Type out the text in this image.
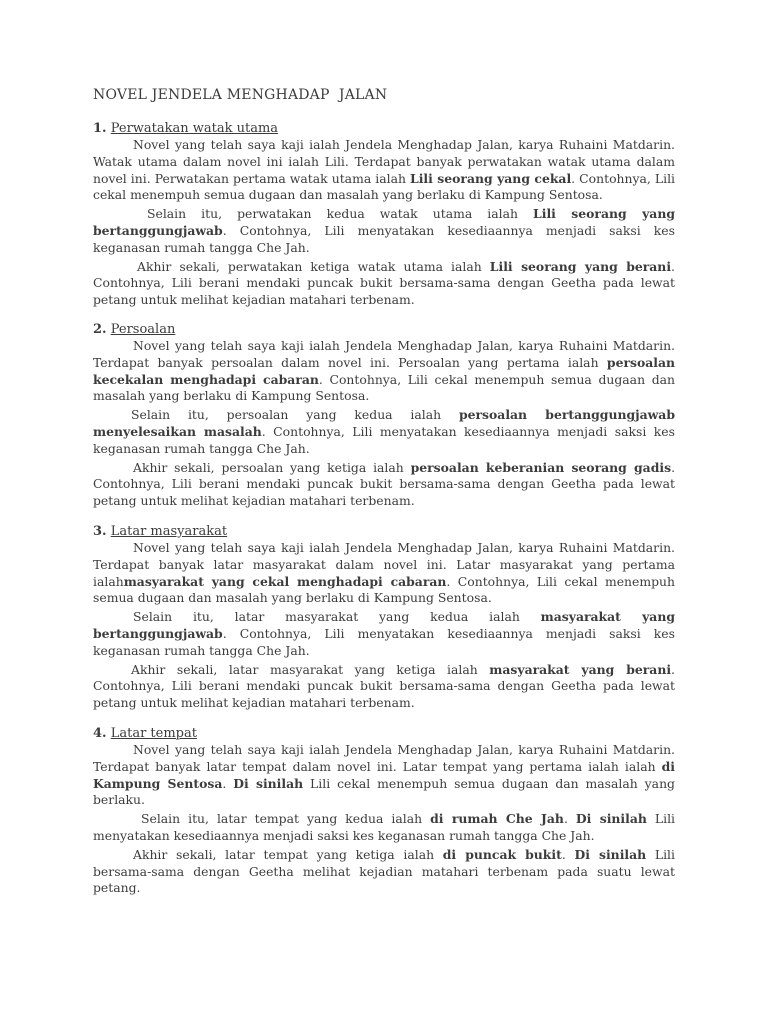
NOVEL JENDELA MENGHADAP  JALAN

1. Perwatakan watak utama

Novel yang telah saya kaji ialah Jendela Menghadap Jalan, karya Ruhaini Matdarin. Watak utama dalam novel ini ialah Lili. Terdapat banyak perwatakan watak utama dalam novel ini. Perwatakan pertama watak utama ialah Lili seorang yang cekal. Contohnya, Lili cekal menempuh semua dugaan dan masalah yang berlaku di Kampung Sentosa.

Selain itu, perwatakan kedua watak utama ialah Lili seorang yang bertanggungjawab. Contohnya, Lili menyatakan kesediaannya menjadi saksi kes keganasan rumah tangga Che Jah.

Akhir sekali, perwatakan ketiga watak utama ialah Lili seorang yang berani. Contohnya, Lili berani mendaki puncak bukit bersama-sama dengan Geetha pada lewat petang untuk melihat kejadian matahari terbenam.

2. Persoalan

Novel yang telah saya kaji ialah Jendela Menghadap Jalan, karya Ruhaini Matdarin. Terdapat banyak persoalan dalam novel ini. Persoalan yang pertama ialah persoalan kecekalan menghadapi cabaran. Contohnya, Lili cekal menempuh semua dugaan dan masalah yang berlaku di Kampung Sentosa.

Selain itu, persoalan yang kedua ialah persoalan bertanggungjawab menyelesaikan masalah. Contohnya, Lili menyatakan kesediaannya menjadi saksi kes keganasan rumah tangga Che Jah.

Akhir sekali, persoalan yang ketiga ialah persoalan keberanian seorang gadis. Contohnya, Lili berani mendaki puncak bukit bersama-sama dengan Geetha pada lewat petang untuk melihat kejadian matahari terbenam.

3. Latar masyarakat

Novel yang telah saya kaji ialah Jendela Menghadap Jalan, karya Ruhaini Matdarin. Terdapat banyak latar masyarakat dalam novel ini. Latar masyarakat yang pertama ialahmasyarakat yang cekal menghadapi cabaran. Contohnya, Lili cekal menempuh semua dugaan dan masalah yang berlaku di Kampung Sentosa.

Selain itu, latar masyarakat yang kedua ialah masyarakat yang bertanggungjawab. Contohnya, Lili menyatakan kesediaannya menjadi saksi kes keganasan rumah tangga Che Jah.

Akhir sekali, latar masyarakat yang ketiga ialah masyarakat yang berani. Contohnya, Lili berani mendaki puncak bukit bersama-sama dengan Geetha pada lewat petang untuk melihat kejadian matahari terbenam.

4. Latar tempat

Novel yang telah saya kaji ialah Jendela Menghadap Jalan, karya Ruhaini Matdarin. Terdapat banyak latar tempat dalam novel ini. Latar tempat yang pertama ialah ialah di Kampung Sentosa. Di sinilah Lili cekal menempuh semua dugaan dan masalah yang berlaku.

Selain itu, latar tempat yang kedua ialah di rumah Che Jah. Di sinilah Lili menyatakan kesediaannya menjadi saksi kes keganasan rumah tangga Che Jah.

Akhir sekali, latar tempat yang ketiga ialah di puncak bukit. Di sinilah Lili bersama-sama dengan Geetha melihat kejadian matahari terbenam pada suatu lewat petang.
